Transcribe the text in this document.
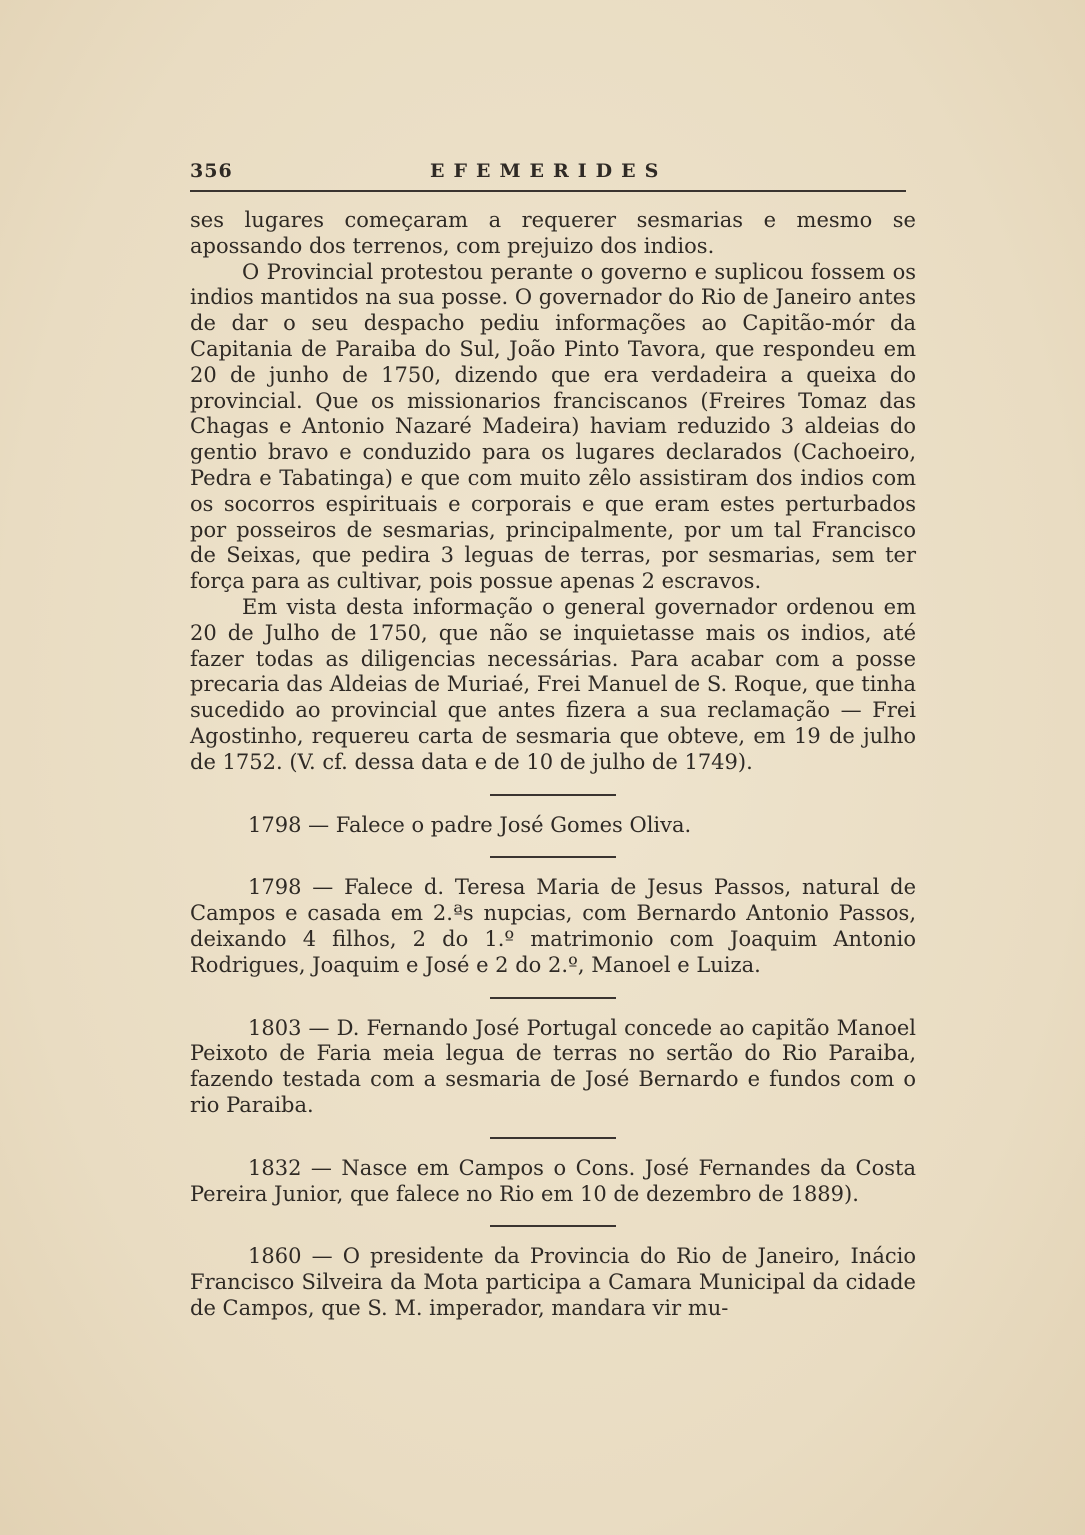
356	EFEMERIDES

ses lugares começaram a requerer sesmarias e mesmo se apossando dos terrenos, com prejuizo dos indios.

O Provincial protestou perante o governo e suplicou fossem os indios mantidos na sua posse. O governador do Rio de Janeiro antes de dar o seu despacho pediu informações ao Capitão-mór da Capitania de Paraiba do Sul, João Pinto Tavora, que respondeu em 20 de junho de 1750, dizendo que era verdadeira a queixa do provincial. Que os missionarios franciscanos (Freires Tomaz das Chagas e Antonio Nazaré Madeira) haviam reduzido 3 aldeias do gentio bravo e conduzido para os lugares declarados (Cachoeiro, Pedra e Tabatinga) e que com muito zêlo assistiram dos indios com os socorros espirituais e corporais e que eram estes perturbados por posseiros de sesmarias, principalmente, por um tal Francisco de Seixas, que pedira 3 leguas de terras, por sesmarias, sem ter força para as cultivar, pois possue apenas 2 escravos.

Em vista desta informação o general governador ordenou em 20 de Julho de 1750, que não se inquietasse mais os indios, até fazer todas as diligencias necessárias. Para acabar com a posse precaria das Aldeias de Muriaé, Frei Manuel de S. Roque, que tinha sucedido ao provincial que antes fizera a sua reclamação — Frei Agostinho, requereu carta de sesmaria que obteve, em 19 de julho de 1752. (V. cf. dessa data e de 10 de julho de 1749).

1798 — Falece o padre José Gomes Oliva.

1798 — Falece d. Teresa Maria de Jesus Passos, natural de Campos e casada em 2.ªs nupcias, com Bernardo Antonio Passos, deixando 4 filhos, 2 do 1.º matrimonio com Joaquim Antonio Rodrigues, Joaquim e José e 2 do 2.º, Manoel e Luiza.

1803 — D. Fernando José Portugal concede ao capitão Manoel Peixoto de Faria meia legua de terras no sertão do Rio Paraiba, fazendo testada com a sesmaria de José Bernardo e fundos com o rio Paraiba.

1832 — Nasce em Campos o Cons. José Fernandes da Costa Pereira Junior, que falece no Rio em 10 de dezembro de 1889).

1860 — O presidente da Provincia do Rio de Janeiro, Inácio Francisco Silveira da Mota participa a Camara Municipal da cidade de Campos, que S. M. imperador, mandara vir mu-
